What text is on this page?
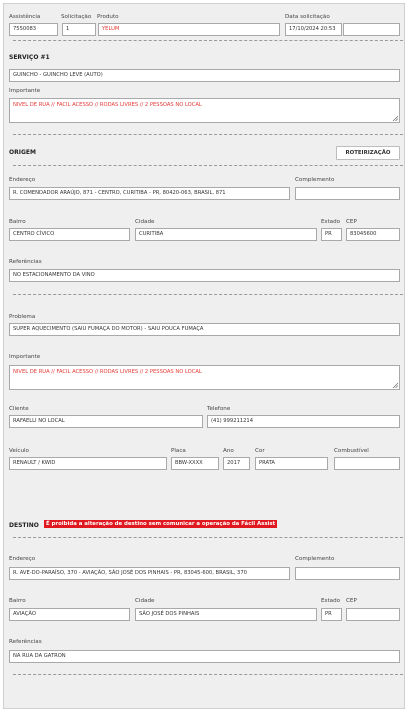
Assistência
7550083
Solicitação
1
Produto
YELUM
Data solicitação
17/10/2024 20:53
SERVIÇO #1
GUINCHO - GUINCHO LEVE (AUTO)
Importante
NIVEL DE RUA // FACIL ACESSO // RODAS LIVRES // 2 PESSOAS NO LOCAL
ORIGEM	ROTEIRIZAÇÃO
Endereço
R. COMENDADOR ARAÚJO, 871 - CENTRO, CURITIBA - PR, 80420-063, BRASIL, 871
Complemento
Bairro
CENTRO CÍVICO
Cidade
CURITIBA
Estado
PR
CEP
83045600
Referências
NO ESTACIONAMENTO DA VINO
Problema
SUPER AQUECIMENTO (SAIU FUMAÇA DO MOTOR) - SAIU POUCA FUMAÇA
Importante
NIVEL DE RUA // FACIL ACESSO // RODAS LIVRES // 2 PESSOAS NO LOCAL
Cliente
RAFAELLI NO LOCAL
Telefone
(41) 999211214
Veículo
RENAULT / KWID
Placa
BBW-XXXX
Ano
2017
Cor
PRATA
Combustível
DESTINO	É proibida a alteração de destino sem comunicar a operação da Fácil Assist
Endereço
R. AVE-DO-PARAÍSO, 370 - AVIAÇÃO, SÃO JOSÉ DOS PINHAIS - PR, 83045-600, BRASIL, 370
Complemento
Bairro
AVIAÇÃO
Cidade
SÃO JOSÉ DOS PINHAIS
Estado
PR
CEP
Referências
NA RUA DA GATRON
